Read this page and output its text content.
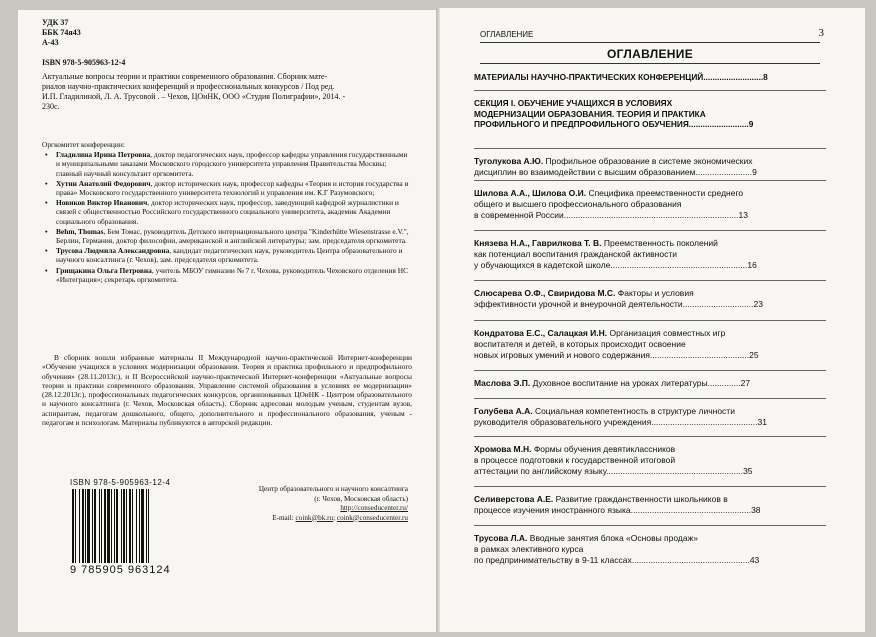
УДК 37
ББК 74я43
А-43
ISBN 978-5-905963-12-4
Актуальные вопросы теории и практики современного образования. Сборник мате-
риалов научно-практических конференций и профессиональных конкурсов / Под ред.
И.П. Гладилиной, Л. А. Трусовой . – Чехов, ЦОиНК, ООО «Студия Полиграфии», 2014. -
230с.
Оргкомитет конференции:
• Гладилина Ирина Петровна, доктор педагогических наук, профессор кафедры управления государственными и муниципальными заказами Московского городского университета управления Правительства Москвы; главный научный консультант оргкомитета.
• Хутин Анатолий Федорович, доктор исторических наук, профессор кафедры «Теория и история государства и права» Московского государственного университета технологий и управления им. К.Г Разумовского;
• Новиков Виктор Иванович, доктор исторических наук, профессор, заведующий кафедрой журналистики и связей с общественностью Российского государственного социального университета, академик Академии социального образования.
• Behm, Thomas, Бем Томас, руководитель Детского интернационального центра "Kinderhütte Wiesenstrasse e.V.", Берлин, Германия, доктор философии, американской и английской литературы; зам. председателя оргкомитета.
• Трусова Людмила Александровна, кандидат педагогических наук, руководитель Центра образовательного и научного консалтинга (г. Чехов), зам. председателя оргкомитета.
• Грищакина Ольга Петровна, учитель МБОУ гимназии № 7 г. Чехова, руководитель Чеховского отделения НС «Интеграция»; секретарь оргкомитета.
В сборник вошли избранные материалы II Международной научно-практической Интернет-конференции «Обучение учащихся в условиях модернизации образования. Теория и практика профильного и предпрофильного обучения» (28.11.2013г.), и II Всероссийской научно-практической Интернет-конференции «Актуальные вопросы теории и практики современного образования. Управление системой образования в условиях ее модернизации» (28.12.2013г.), профессиональных педагогических конкурсов, организованных ЦОиНК - Центром образовательного и научного консалтинга (г. Чехов, Московская область). Сборник адресован молодым ученым, студентам вузов, аспирантам, педагогам дошкольного, общего, дополнительного и профессионального образования, ученым - педагогам и психологам. Материалы публикуются в авторской редакции.
ISBN 978-5-905963-12-4
9 785905 963124
Центр образовательного и научного консалтинга
(г. Чехов, Московская область)
http://conseducenter.ru/
E-mail: coink@bk.ru; coink@conseducenter.ru
ОГЛАВЛЕНИЕ	3
ОГЛАВЛЕНИЕ
МАТЕРИАЛЫ НАУЧНО-ПРАКТИЧЕСКИХ КОНФЕРЕНЦИЙ..........................8
СЕКЦИЯ I. ОБУЧЕНИЕ УЧАЩИХСЯ В УСЛОВИЯХ
МОДЕРНИЗАЦИИ ОБРАЗОВАНИЯ. ТЕОРИЯ И ПРАКТИКА
ПРОФИЛЬНОГО И ПРЕДПРОФИЛЬНОГО ОБУЧЕНИЯ..........................9
Туголукова А.Ю. Профильное образование в системе экономических
дисциплин во взаимодействии с высшим образованием........................9
Шилова А.А., Шилова О.И. Специфика преемственности среднего
общего и высшего профессионального образования
в современной России..........................................................................13
Князева Н.А., Гаврилкова Т. В. Преемственность поколений
как потенциал воспитания гражданской активности
у обучающихся в кадетской школе..........................................................16
Слюсарева О.Ф., Свиридова М.С. Факторы и условия
эффективности урочной и внеурочной деятельности..............................23
Кондратова Е.С., Салацкая И.Н. Организация совместных игр
воспитателя и детей, в которых происходит освоение
новых игровых умений и нового содержания..........................................25
Маслова Э.П. Духовное воспитание на уроках литературы..............27
Голубева А.А. Социальная компетентность в структуре личности
руководителя образовательного учреждения.............................................31
Хромова М.Н. Формы обучения девятиклассников
в процессе подготовки к государственной итоговой
аттестации по английскому языку..........................................................35
Селиверстова А.Е. Развитие гражданственности школьников в
процессе изучения иностранного языка...................................................38
Трусова Л.А. Вводные занятия блока «Основы продаж»
в рамках элективного курса
по предпринимательству в 9-11 классах..................................................43
